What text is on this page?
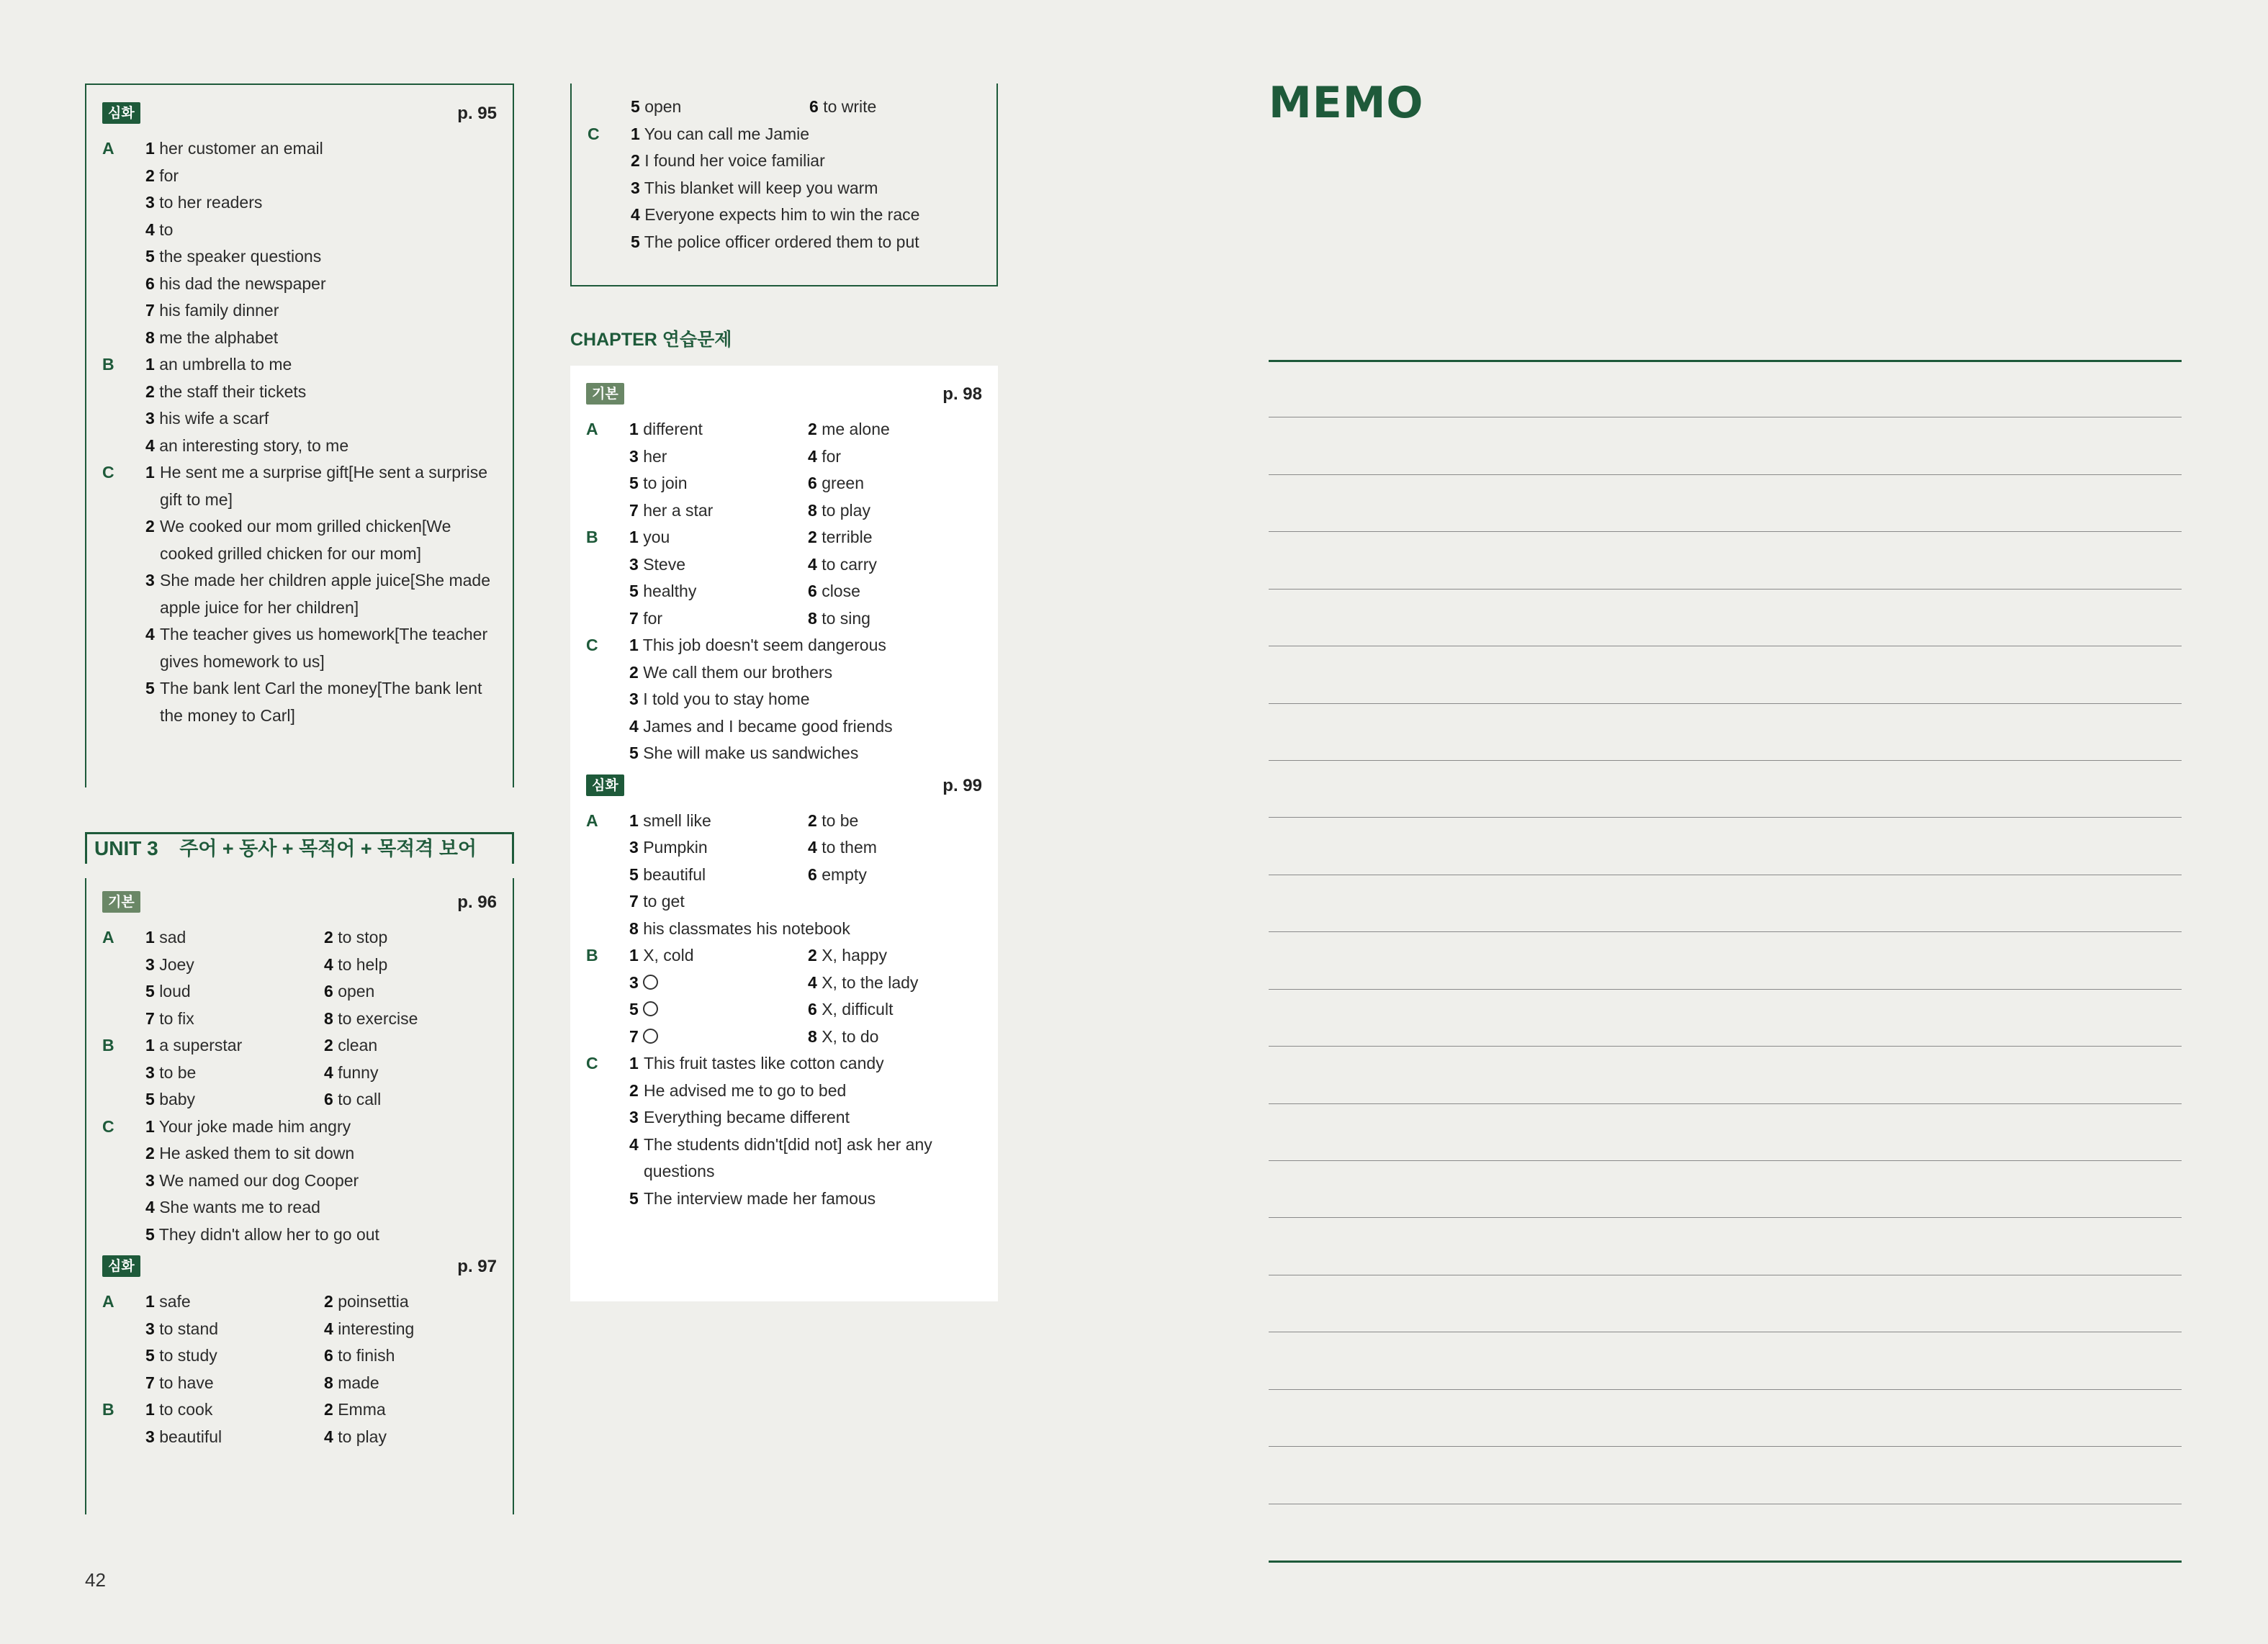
심화	p. 95
A 1 her customer an email
2 for
3 to her readers
4 to
5 the speaker questions
6 his dad the newspaper
7 his family dinner
8 me the alphabet
B 1 an umbrella to me
2 the staff their tickets
3 his wife a scarf
4 an interesting story, to me
C 1 He sent me a surprise gift[He sent a surprise gift to me]
2 We cooked our mom grilled chicken[We cooked grilled chicken for our mom]
3 She made her children apple juice[She made apple juice for her children]
4 The teacher gives us homework[The teacher gives homework to us]
5 The bank lent Carl the money[The bank lent the money to Carl]
UNIT 3 주어 + 동사 + 목적어 + 목적격 보어
기본	p. 96
A 1 sad	2 to stop
3 Joey	4 to help
5 loud	6 open
7 to fix	8 to exercise
B 1 a superstar	2 clean
3 to be	4 funny
5 baby	6 to call
C 1 Your joke made him angry
2 He asked them to sit down
3 We named our dog Cooper
4 She wants me to read
5 They didn't allow her to go out
심화	p. 97
A 1 safe	2 poinsettia
3 to stand	4 interesting
5 to study	6 to finish
7 to have	8 made
B 1 to cook	2 Emma
3 beautiful	4 to play
5 open	6 to write
C 1 You can call me Jamie
2 I found her voice familiar
3 This blanket will keep you warm
4 Everyone expects him to win the race
5 The police officer ordered them to put
CHAPTER 연습문제
기본	p. 98
A 1 different	2 me alone
3 her	4 for
5 to join	6 green
7 her a star	8 to play
B 1 you	2 terrible
3 Steve	4 to carry
5 healthy	6 close
7 for	8 to sing
C 1 This job doesn't seem dangerous
2 We call them our brothers
3 I told you to stay home
4 James and I became good friends
5 She will make us sandwiches
심화	p. 99
A 1 smell like	2 to be
3 Pumpkin	4 to them
5 beautiful	6 empty
7 to get
8 his classmates his notebook
B 1 X, cold	2 X, happy
3	4 X, to the lady
5	6 X, difficult
7	8 X, to do
C 1 This fruit tastes like cotton candy
2 He advised me to go to bed
3 Everything became different
4 The students didn't[did not] ask her any questions
5 The interview made her famous
MEMO
42
